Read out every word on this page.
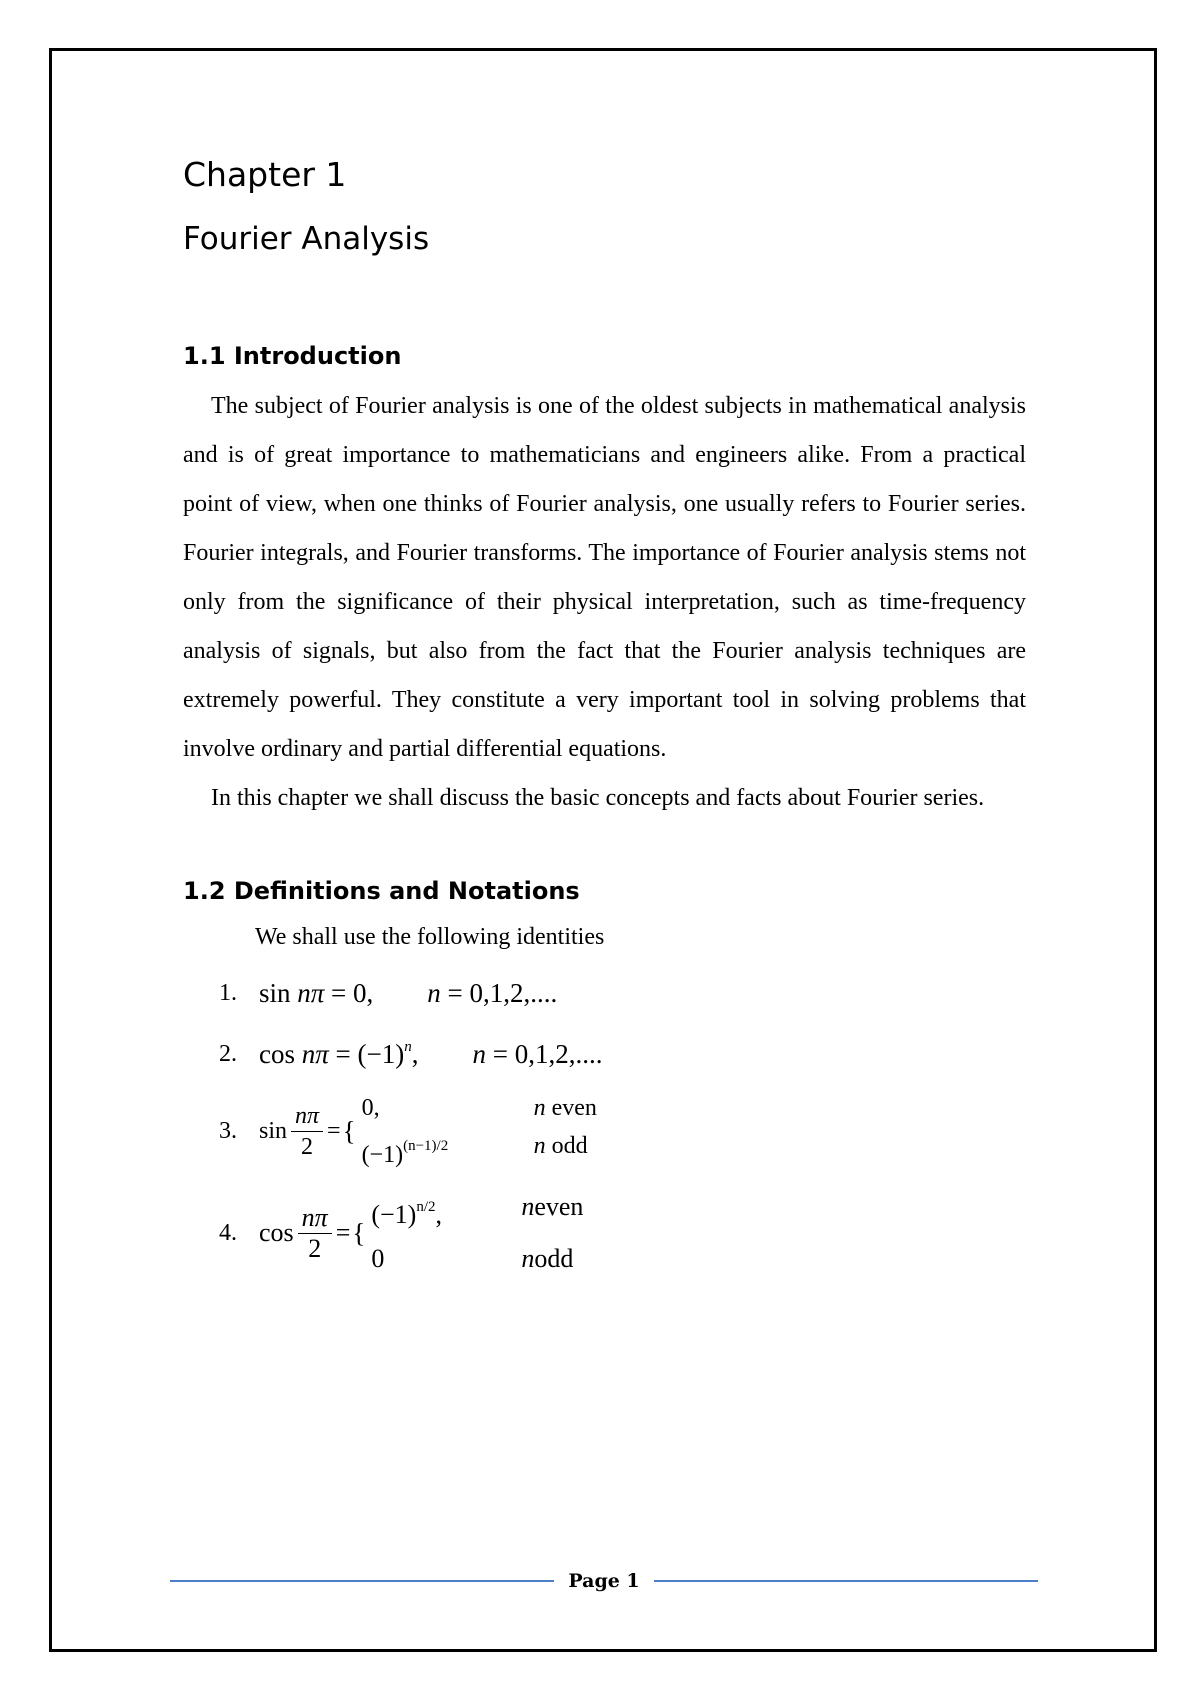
Chapter 1
Fourier Analysis
1.1 Introduction

The subject of Fourier analysis is one of the oldest subjects in mathematical analysis and is of great importance to mathematicians and engineers alike. From a practical point of view, when one thinks of Fourier analysis, one usually refers to Fourier series. Fourier integrals, and Fourier transforms. The importance of Fourier analysis stems not only from the significance of their physical interpretation, such as time-frequency analysis of signals, but also from the fact that the Fourier analysis techniques are extremely powerful. They constitute a very important tool in solving problems that involve ordinary and partial differential equations.

In this chapter we shall discuss the basic concepts and facts about Fourier series.

1.2 Definitions and Notations
We shall use the following identities
1. sin nπ = 0, n = 0,1,2,....
2. $\cos n\pi = (-1)^n$, n = 0,1,2,....
3. $\sin \frac{n\pi}{2}$ = {
0,	n even
$(-1)^{(n-1)/2}$	n odd
4. $\cos \frac{n\pi}{2}$ = {
$(-1)^{n/2}$,	neven
0	nodd
Page 1
